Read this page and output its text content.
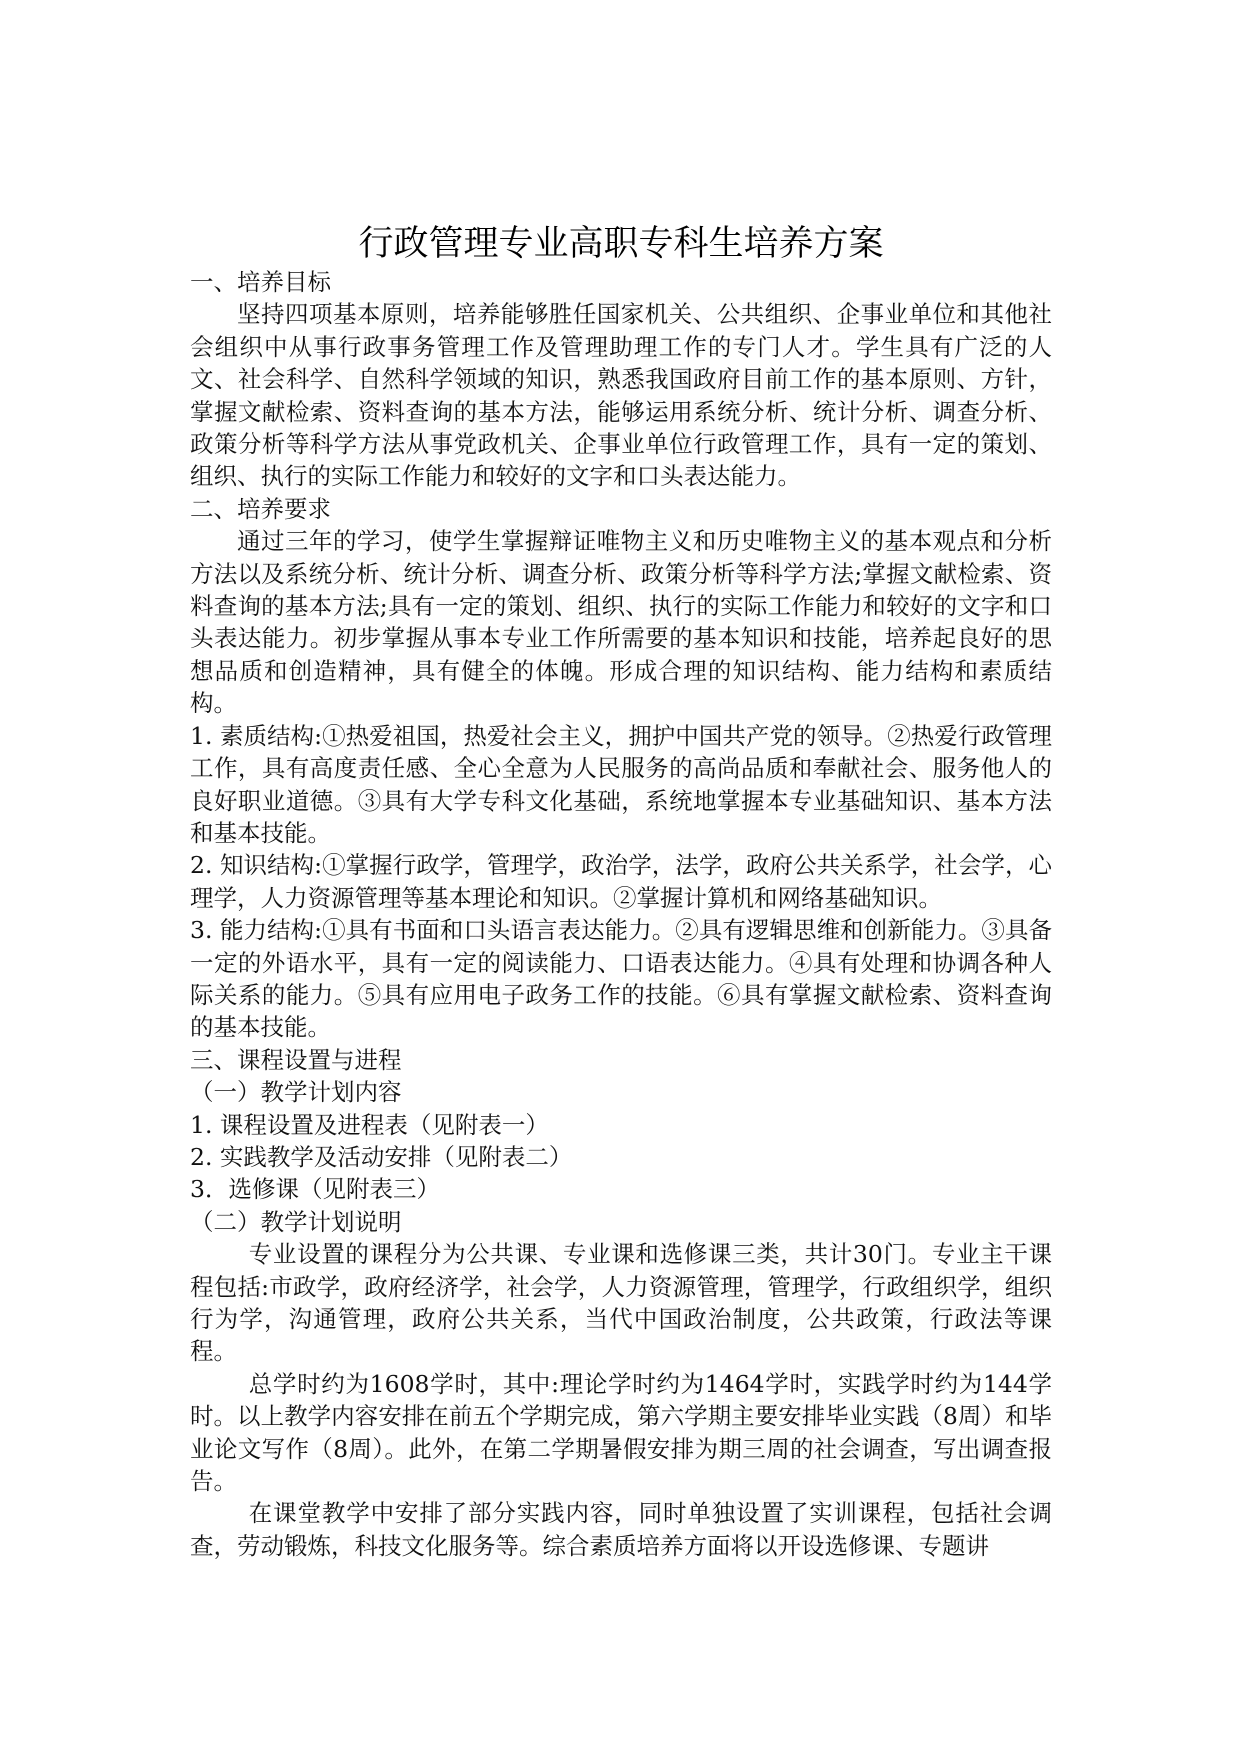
行政管理专业高职专科生培养方案

一、培养目标

坚持四项基本原则，培养能够胜任国家机关、公共组织、企事业单位和其他社会组织中从事行政事务管理工作及管理助理工作的专门人才。学生具有广泛的人文、社会科学、自然科学领域的知识，熟悉我国政府目前工作的基本原则、方针，掌握文献检索、资料查询的基本方法，能够运用系统分析、统计分析、调查分析、政策分析等科学方法从事党政机关、企事业单位行政管理工作，具有一定的策划、组织、执行的实际工作能力和较好的文字和口头表达能力。

二、培养要求

通过三年的学习，使学生掌握辩证唯物主义和历史唯物主义的基本观点和分析方法以及系统分析、统计分析、调查分析、政策分析等科学方法;掌握文献检索、资料查询的基本方法;具有一定的策划、组织、执行的实际工作能力和较好的文字和口头表达能力。初步掌握从事本专业工作所需要的基本知识和技能，培养起良好的思想品质和创造精神，具有健全的体魄。形成合理的知识结构、能力结构和素质结构。

1. 素质结构:①热爱祖国，热爱社会主义，拥护中国共产党的领导。②热爱行政管理工作，具有高度责任感、全心全意为人民服务的高尚品质和奉献社会、服务他人的良好职业道德。③具有大学专科文化基础，系统地掌握本专业基础知识、基本方法和基本技能。

2. 知识结构:①掌握行政学，管理学，政治学，法学，政府公共关系学，社会学，心理学，人力资源管理等基本理论和知识。②掌握计算机和网络基础知识。

3. 能力结构:①具有书面和口头语言表达能力。②具有逻辑思维和创新能力。③具备一定的外语水平，具有一定的阅读能力、口语表达能力。④具有处理和协调各种人际关系的能力。⑤具有应用电子政务工作的技能。⑥具有掌握文献检索、资料查询的基本技能。

三、课程设置与进程

（一）教学计划内容

1. 课程设置及进程表（见附表一）

2. 实践教学及活动安排（见附表二）

3．选修课（见附表三）

（二）教学计划说明

专业设置的课程分为公共课、专业课和选修课三类，共计30门。专业主干课程包括:市政学，政府经济学，社会学，人力资源管理，管理学，行政组织学，组织行为学，沟通管理，政府公共关系，当代中国政治制度，公共政策，行政法等课程。

总学时约为1608学时，其中:理论学时约为1464学时，实践学时约为144学时。以上教学内容安排在前五个学期完成，第六学期主要安排毕业实践（8周）和毕业论文写作（8周）。此外，在第二学期暑假安排为期三周的社会调查，写出调查报告。

在课堂教学中安排了部分实践内容，同时单独设置了实训课程，包括社会调查，劳动锻炼，科技文化服务等。综合素质培养方面将以开设选修课、专题讲
